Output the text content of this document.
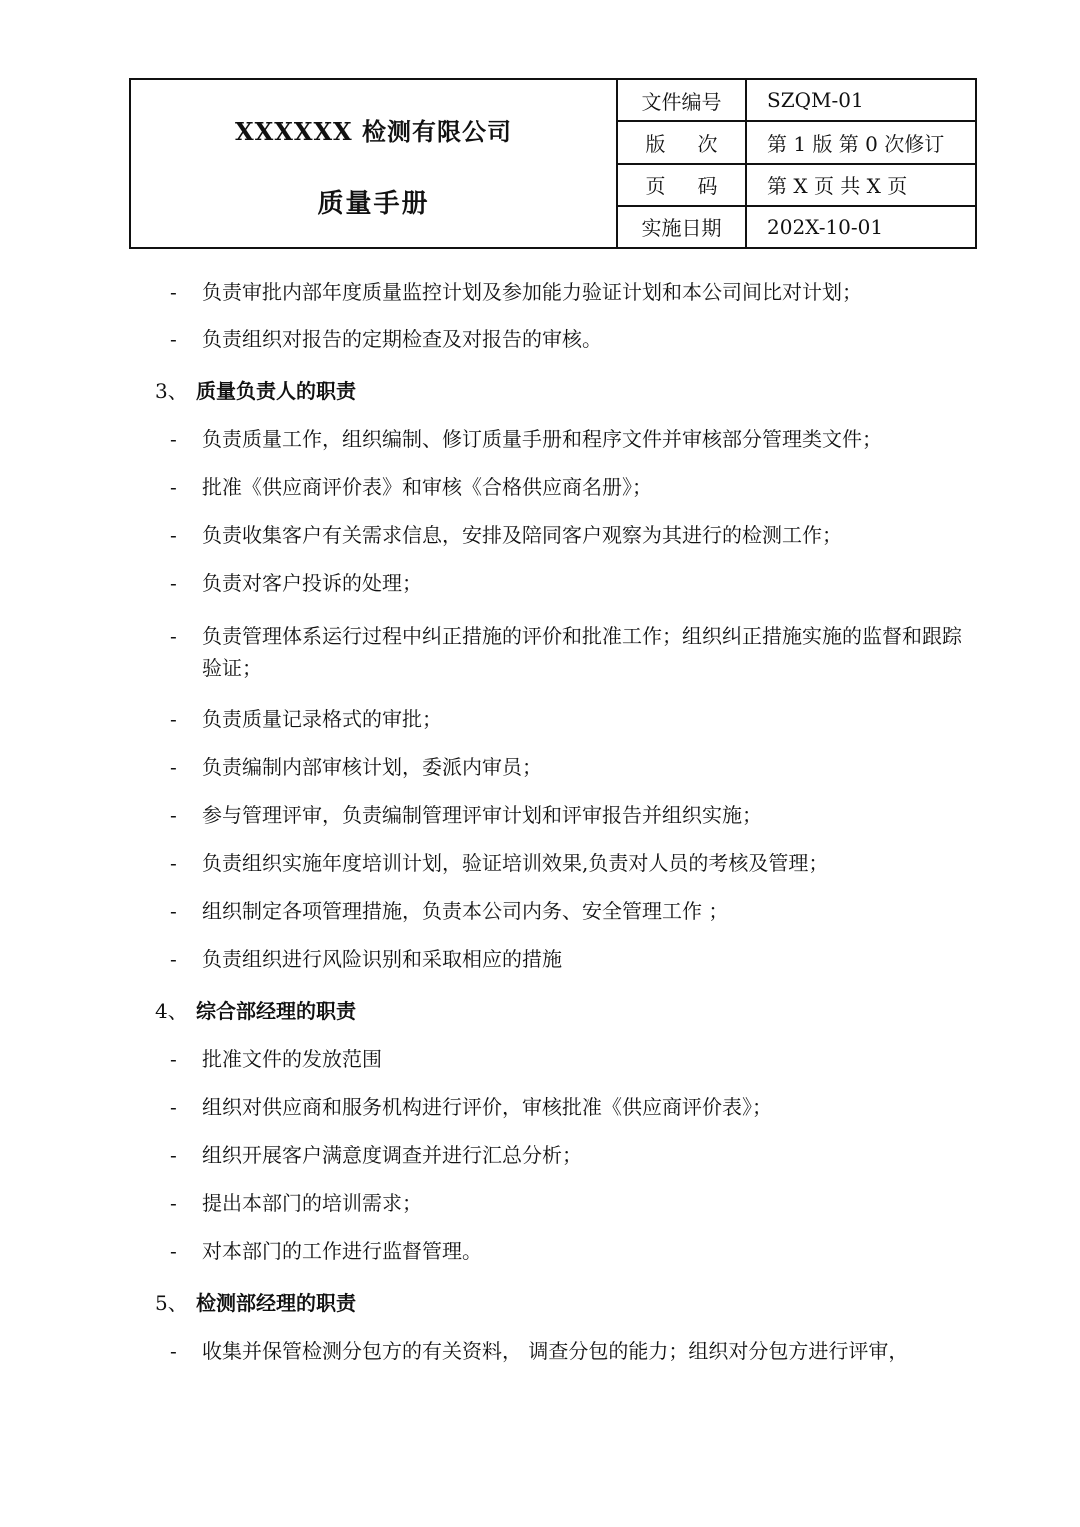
XXXXXX 检测有限公司
质量手册	文件编号	SZQM-01

	版 次	第 1 版 第 0 次修订

	页 码	第 X 页 共 X 页
	实施日期	202X-10-01
- 负责审批内部年度质量监控计划及参加能力验证计划和本公司间比对计划；
- 负责组织对报告的定期检查及对报告的审核。
3、 质量负责人的职责
- 负责质量工作，组织编制、修订质量手册和程序文件并审核部分管理类文件；
- 批准《供应商评价表》和审核《合格供应商名册》；
- 负责收集客户有关需求信息，安排及陪同客户观察为其进行的检测工作；
- 负责对客户投诉的处理；
- 负责管理体系运行过程中纠正措施的评价和批准工作；组织纠正措施实施的监督和跟踪验证；
- 负责质量记录格式的审批；
- 负责编制内部审核计划，委派内审员；
- 参与管理评审，负责编制管理评审计划和评审报告并组织实施；
- 负责组织实施年度培训计划，验证培训效果,负责对人员的考核及管理；
- 组织制定各项管理措施，负责本公司内务、安全管理工作 ；
- 负责组织进行风险识别和采取相应的措施
4、 综合部经理的职责
- 批准文件的发放范围
- 组织对供应商和服务机构进行评价，审核批准《供应商评价表》；
- 组织开展客户满意度调查并进行汇总分析；
- 提出本部门的培训需求；
- 对本部门的工作进行监督管理。
5、 检测部经理的职责
- 收集并保管检测分包方的有关资料， 调查分包的能力；组织对分包方进行评审，
